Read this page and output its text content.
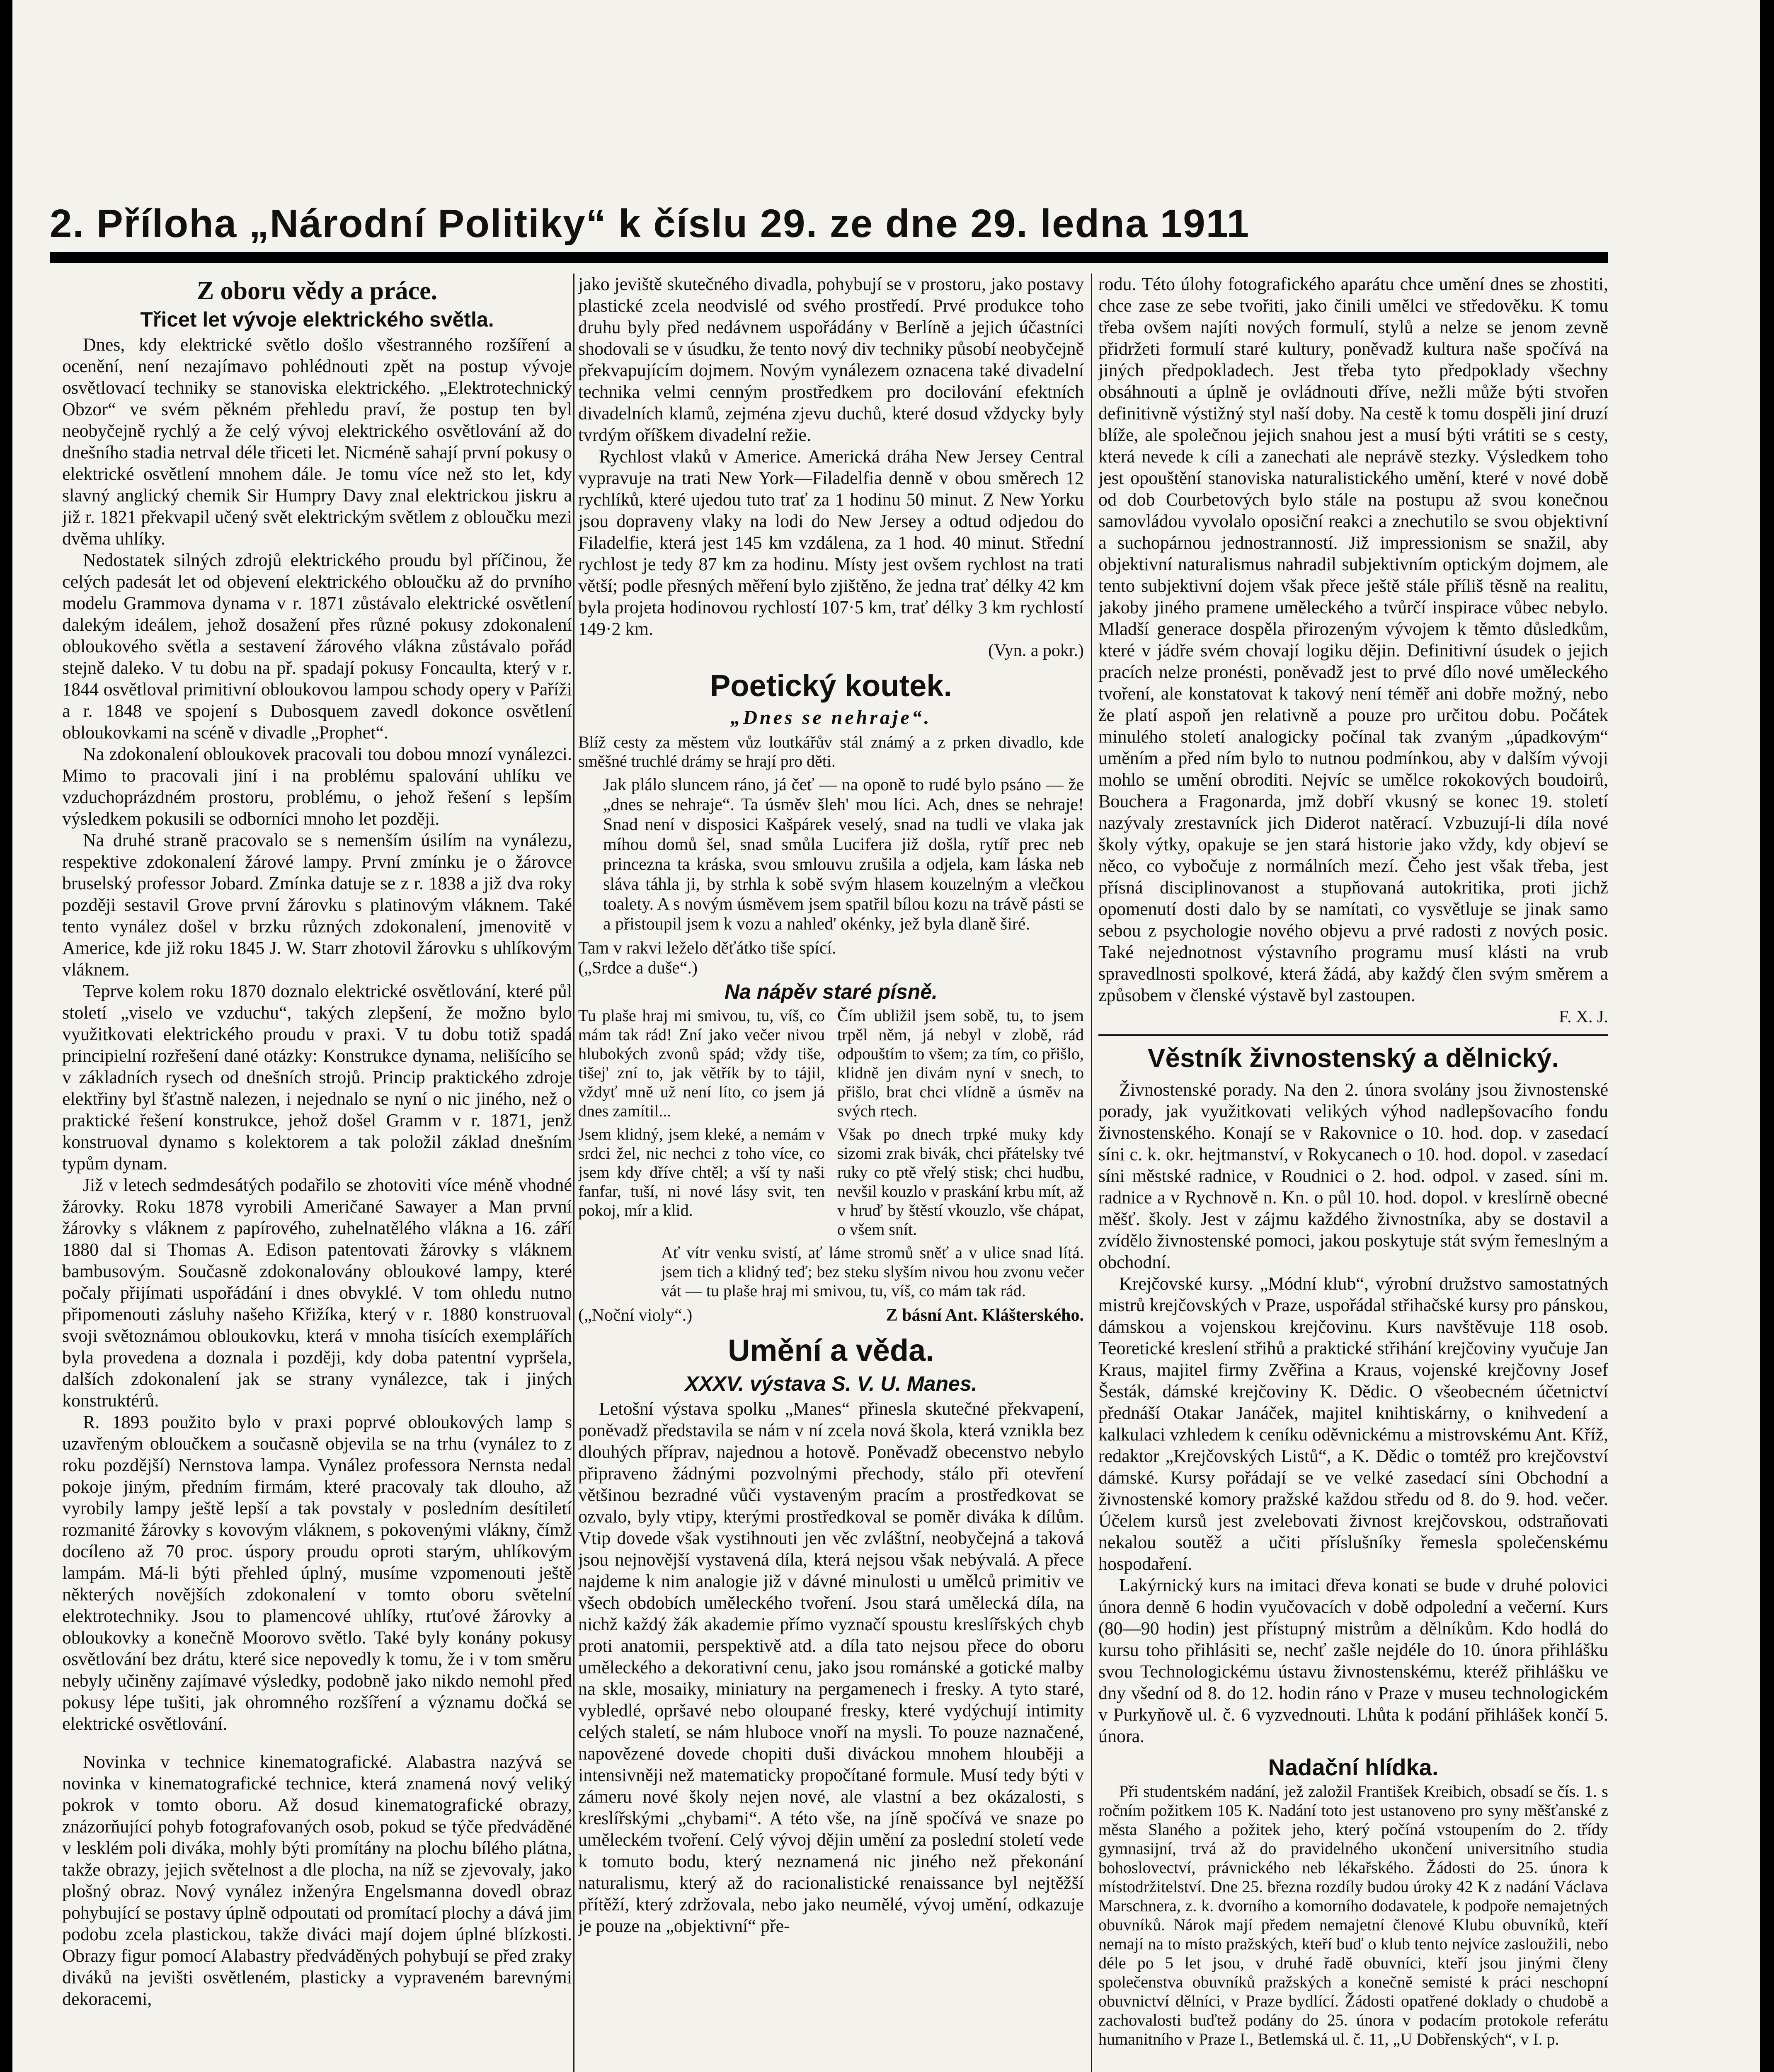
2. Příloha „Národní Politiky“ k číslu 29. ze dne 29. ledna 1911
Z oboru vědy a práce.
Třicet let vývoje elektrického světla.

Dnes, kdy elektrické světlo došlo všestranného rozšíření a ocenění, není nezajímavo pohlédnouti zpět na postup vývoje osvětlovací techniky se stanoviska elektrického. „Elektrotechnický Obzor“ ve svém pěkném přehledu praví, že postup ten byl neobyčejně rychlý a že celý vývoj elektrického osvětlování až do dnešního stadia netrval déle třiceti let. Nicméně sahají první pokusy o elektrické osvětlení mnohem dále. Je tomu více než sto let, kdy slavný anglický chemik Sir Humpry Davy znal elektrickou jiskru a již r. 1821 překvapil učený svět elektrickým světlem z obloučku mezi dvěma uhlíky.

Nedostatek silných zdrojů elektrického proudu byl příčinou, že celých padesát let od objevení elektrického obloučku až do prvního modelu Grammova dynama v r. 1871 zůstávalo elektrické osvětlení dalekým ideálem, jehož dosažení přes různé pokusy zdokonalení obloukového světla a sestavení žárového vlákna zůstávalo pořád stejně daleko. V tu dobu na př. spadají pokusy Foncaulta, který v r. 1844 osvětloval primitivní obloukovou lampou schody opery v Paříži a r. 1848 ve spojení s Dubosquem zavedl dokonce osvětlení obloukovkami na scéně v divadle „Prophet“.

Na zdokonalení obloukovek pracovali tou dobou mnozí vynálezci. Mimo to pracovali jiní i na problému spalování uhlíku ve vzduchoprázdném prostoru, problému, o jehož řešení s lepším výsledkem pokusili se odborníci mnoho let později.

Na druhé straně pracovalo se s nemenším úsilím na vynálezu, respektive zdokonalení žárové lampy. První zmínku je o žárovce bruselský professor Jobard. Zmínka datuje se z r. 1838 a již dva roky později sestavil Grove první žárovku s platinovým vláknem. Také tento vynález došel v brzku různých zdokonalení, jmenovitě v Americe, kde již roku 1845 J. W. Starr zhotovil žárovku s uhlíkovým vláknem.

Teprve kolem roku 1870 doznalo elektrické osvětlování, které půl století „viselo ve vzduchu“, takých zlepšení, že možno bylo využitkovati elektrického proudu v praxi. V tu dobu totiž spadá principielní rozřešení dané otázky: Konstrukce dynama, nelišícího se v základních rysech od dnešních strojů. Princip praktického zdroje elektřiny byl šťastně nalezen, i nejednalo se nyní o nic jiného, než o praktické řešení konstrukce, jehož došel Gramm v r. 1871, jenž konstruoval dynamo s kolektorem a tak položil základ dnešním typům dynam.

Již v letech sedmdesátých podařilo se zhotoviti více méně vhodné žárovky. Roku 1878 vyrobili Američané Sawayer a Man první žárovky s vláknem z papírového, zuhelnatělého vlákna a 16. září 1880 dal si Thomas A. Edison patentovati žárovky s vláknem bambusovým. Současně zdokonalovány obloukové lampy, které počaly přijímati uspořádání i dnes obvyklé. V tom ohledu nutno připomenouti zásluhy našeho Křižíka, který v r. 1880 konstruoval svoji světoznámou obloukovku, která v mnoha tisících exemplářích byla provedena a doznala i později, kdy doba patentní vypršela, dalších zdokonalení jak se strany vynálezce, tak i jiných konstruktérů.

R. 1893 použito bylo v praxi poprvé obloukových lamp s uzavřeným obloučkem a současně objevila se na trhu (vynález to z roku pozdější) Nernstova lampa. Vynález professora Nernsta nedal pokoje jiným, předním firmám, které pracovaly tak dlouho, až vyrobily lampy ještě lepší a tak povstaly v posledním desítiletí rozmanité žárovky s kovovým vláknem, s pokovenými vlákny, čímž docíleno až 70 proc. úspory proudu oproti starým, uhlíkovým lampám. Má-li býti přehled úplný, musíme vzpomenouti ještě některých novějších zdokonalení v tomto oboru světelní elektrotechniky. Jsou to plamencové uhlíky, rtuťové žárovky a obloukovky a konečně Moorovo světlo. Také byly konány pokusy osvětlování bez drátu, které sice nepovedly k tomu, že i v tom směru nebyly učiněny zajímavé výsledky, podobně jako nikdo nemohl před pokusy lépe tušiti, jak ohromného rozšíření a významu dočká se elektrické osvětlování.

Novinka v technice kinematografické. Alabastra nazývá se novinka v kinematografické technice, která znamená nový veliký pokrok v tomto oboru. Až dosud kinematografické obrazy, znázorňující pohyb fotografovaných osob, pokud se týče předváděné v lesklém poli diváka, mohly býti promítány na plochu bílého plátna, takže obrazy, jejich světelnost a dle plocha, na níž se zjevovaly, jako plošný obraz. Nový vynález inženýra Engelsmanna dovedl obraz pohybující se postavy úplně odpoutati od promítací plochy a dává jim podobu zcela plastickou, takže diváci mají dojem úplné blízkosti. Obrazy figur pomocí Alabastry předváděných pohybují se před zraky diváků na jevišti osvětleném, plasticky a vypraveném barevnými dekoracemi,

jako jeviště skutečného divadla, pohybují se v prostoru, jako postavy plastické zcela neodvislé od svého prostředí. Prvé produkce toho druhu byly před nedávnem uspořádány v Berlíně a jejich účastníci shodovali se v úsudku, že tento nový div techniky působí neobyčejně překvapujícím dojmem. Novým vynálezem oznacena také divadelní technika velmi cenným prostředkem pro docilování efektních divadelních klamů, zejména zjevu duchů, které dosud vždycky byly tvrdým oříškem divadelní režie.

Rychlost vlaků v Americe. Americká dráha New Jersey Central vypravuje na trati New York—Filadelfia denně v obou směrech 12 rychlíků, které ujedou tuto trať za 1 hodinu 50 minut. Z New Yorku jsou dopraveny vlaky na lodi do New Jersey a odtud odjedou do Filadelfie, která jest 145 km vzdálena, za 1 hod. 40 minut. Střední rychlost je tedy 87 km za hodinu. Místy jest ovšem rychlost na trati větší; podle přesných měření bylo zjištěno, že jedna trať délky 42 km byla projeta hodinovou rychlostí 107·5 km, trať délky 3 km rychlostí 149·2 km.

(Vyn. a pokr.)
Poetický koutek.
„Dnes se nehraje“.

Blíž cesty za městem vůz loutkářův stál známý a z prken divadlo, kde směšné truchlé drámy se hrají pro děti.

Jak plálo sluncem ráno, já čeť — na oponě to rudé bylo psáno — že „dnes se nehraje“. Ta úsměv šleh' mou líci. Ach, dnes se nehraje! Snad není v disposici Kašpárek veselý, snad na tudli ve vlaka jak míhou domů šel, snad smůla Lucifera již došla, rytíř prec neb princezna ta kráska, svou smlouvu zrušila a odjela, kam láska neb sláva táhla ji, by strhla k sobě svým hlasem kouzelným a vlečkou toalety. A s novým úsměvem jsem spatřil bílou kozu na trávě pásti se a přistoupil jsem k vozu a nahled' okénky, jež byla dlaně širé.

Tam v rakvi leželo děťátko tiše spící.

(„Srdce a duše“.)

Na nápěv staré písně.

Tu plaše hraj mi smivou, tu, víš, co mám tak rád! Zní jako večer nivou hlubokých zvonů spád; vždy tiše, tišej' zní to, jak větřík by to tájil, vždyť mně už není líto, co jsem já dnes zamítil...

Čím ubližil jsem sobě, tu, to jsem trpěl něm, já nebyl v zlobě, rád odpouštím to všem; za tím, co přišlo, klidně jen divám nyní v snech, to přišlo, brat chci vlídně a úsměv na svých rtech.

Jsem klidný, jsem kleké, a nemám v srdci žel, nic nechci z toho více, co jsem kdy dříve chtěl; a vší ty naši fanfar, tuší, ni nové lásy svit, ten pokoj, mír a klid.

Však po dnech trpké muky kdy sizomi zrak bivák, chci přátelsky tvé ruky co ptě vřelý stisk; chci hudbu, nevšil kouzlo v praskání krbu mít, až v hruď by štěstí vkouzlo, vše chápat, o všem snít.

Ať vítr venku svistí, ať láme stromů sněť a v ulice snad lítá. jsem tich a klidný teď; bez steku slyším nivou hou zvonu večer vát — tu plaše hraj mi smivou, tu, víš, co mám tak rád.

(„Noční violy“.)	Z básní Ant. Klášterského.
Umění a věda.
XXXV. výstava S. V. U. Manes.

Letošní výstava spolku „Manes“ přinesla skutečné překvapení, poněvadž představila se nám v ní zcela nová škola, která vznikla bez dlouhých příprav, najednou a hotově. Poněvadž obecenstvo nebylo připraveno žádnými pozvolnými přechody, stálo při otevření většinou bezradné vůči vystaveným pracím a prostředkovat se ozvalo, byly vtipy, kterými prostředkoval se poměr diváka k dílům. Vtip dovede však vystihnouti jen věc zvláštní, neobyčejná a taková jsou nejnovější vystavená díla, která nejsou však nebývalá. A přece najdeme k nim analogie již v dávné minulosti u umělců primitiv ve všech obdobích uměleckého tvoření. Jsou stará umělecká díla, na nichž každý žák akademie přímo vyznačí spoustu kreslířských chyb proti anatomii, perspektivě atd. a díla tato nejsou přece do oboru uměleckého a dekorativní cenu, jako jsou románské a gotické malby na skle, mosaiky, miniatury na pergamenech i fresky. A tyto staré, vybledlé, opršavé nebo oloupané fresky, které vydýchují intimity celých staletí, se nám hluboce vnoří na mysli. To pouze naznačené, napovězené dovede chopiti duši diváckou mnohem hlouběji a intensivněji než matematicky propočítané formule. Musí tedy býti v zámeru nové školy nejen nové, ale vlastní a bez okázalosti, s kreslířskými „chybami“. A této vše, na jíně spočívá ve snaze po uměleckém tvoření. Celý vývoj dějin umění za poslední století vede k tomuto bodu, který neznamená nic jiného než překonání naturalismu, který až do racionalistické renaissance byl nejtěžší přítěží, který zdržovala, nebo jako neumělé, vývoj umění, odkazuje je pouze na „objektivní“ pře-

rodu. Této úlohy fotografického aparátu chce umění dnes se zhostiti, chce zase ze sebe tvořiti, jako činili umělci ve středověku. K tomu třeba ovšem najíti nových formulí, stylů a nelze se jenom zevně přidržeti formulí staré kultury, poněvadž kultura naše spočívá na jiných předpokladech. Jest třeba tyto předpoklady všechny obsáhnouti a úplně je ovládnouti dříve, nežli může býti stvořen definitivně výstižný styl naší doby. Na cestě k tomu dospěli jiní druzí blíže, ale společnou jejich snahou jest a musí býti vrátiti se s cesty, která nevede k cíli a zanechati ale neprávě stezky. Výsledkem toho jest opouštění stanoviska naturalistického umění, které v nové době od dob Courbetových bylo stále na postupu až svou konečnou samovládou vyvolalo oposiční reakci a znechutilo se svou objektivní a suchopárnou jednostranností. Již impressionism se snažil, aby objektivní naturalismus nahradil subjektivním optickým dojmem, ale tento subjektivní dojem však přece ještě stále příliš těsně na realitu, jakoby jiného pramene uměleckého a tvůrčí inspirace vůbec nebylo. Mladší generace dospěla přirozeným vývojem k těmto důsledkům, které v jádře svém chovají logiku dějin. Definitivní úsudek o jejich pracích nelze pronésti, poněvadž jest to prvé dílo nové uměleckého tvoření, ale konstatovat k takový není téměř ani dobře možný, nebo že platí aspoň jen relativně a pouze pro určitou dobu. Počátek minulého století analogicky počínal tak zvaným „úpadkovým“ uměním a před ním bylo to nutnou podmínkou, aby v dalším vývoji mohlo se umění obroditi. Nejvíc se umělce rokokových boudoirů, Bouchera a Fragonarda, jmž dobří vkusný se konec 19. století nazývaly zrestavníck jich Diderot natěrací. Vzbuzují-li díla nové školy výtky, opakuje se jen stará historie jako vždy, kdy objeví se něco, co vybočuje z normálních mezí. Čeho jest však třeba, jest přísná disciplinovanost a stupňovaná autokritika, proti jichž opomenutí dosti dalo by se namítati, co vysvětluje se jinak samo sebou z psychologie nového objevu a prvé radosti z nových posic. Také nejednotnost výstavního programu musí klásti na vrub spravedlnosti spolkové, která žádá, aby každý člen svým směrem a způsobem v členské výstavě byl zastoupen.

F. X. J.
Věstník živnostenský a dělnický.

Živnostenské porady. Na den 2. února svolány jsou živnostenské porady, jak využitkovati velikých výhod nadlepšovacího fondu živnostenského. Konají se v Rakovnice o 10. hod. dop. v zasedací síni c. k. okr. hejtmanství, v Rokycanech o 10. hod. dopol. v zasedací síni městské radnice, v Roudnici o 2. hod. odpol. v zased. síni m. radnice a v Rychnově n. Kn. o půl 10. hod. dopol. v kreslírně obecné měšť. školy. Jest v zájmu každého živnostníka, aby se dostavil a zvídělo živnostenské pomoci, jakou poskytuje stát svým řemeslným a obchodní.

Krejčovské kursy. „Módní klub“, výrobní družstvo samostatných mistrů krejčovských v Praze, uspořádal střihačské kursy pro pánskou, dámskou a vojenskou krejčovinu. Kurs navštěvuje 118 osob. Teoretické kreslení střihů a praktické střihání krejčoviny vyučuje Jan Kraus, majitel firmy Zvěřina a Kraus, vojenské krejčovny Josef Šesták, dámské krejčoviny K. Dědic. O všeobecném účetnictví přednáší Otakar Janáček, majitel knihtiskárny, o knihvedení a kalkulaci vzhledem k ceníku oděvnickému a mistrovskému Ant. Kříž, redaktor „Krejčovských Listů“, a K. Dědic o tomtéž pro krejčovství dámské. Kursy pořádají se ve velké zasedací síni Obchodní a živnostenské komory pražské každou středu od 8. do 9. hod. večer. Účelem kursů jest zvelebovati živnost krejčovskou, odstraňovati nekalou soutěž a učiti příslušníky řemesla společenskému hospodaření.

Lakýrnický kurs na imitaci dřeva konati se bude v druhé polovici února denně 6 hodin vyučovacích v době odpolední a večerní. Kurs (80—90 hodin) jest přístupný mistrům a dělníkům. Kdo hodlá do kursu toho přihlásiti se, nechť zašle nejdéle do 10. února přihlášku svou Technologickému ústavu živnostenskému, kteréž přihlášku ve dny všední od 8. do 12. hodin ráno v Praze v museu technologickém v Purkyňově ul. č. 6 vyzvednouti. Lhůta k podání přihlášek končí 5. února.

Nadační hlídka.

Při studentském nadání, jež založil František Kreibich, obsadí se čís. 1. s ročním požitkem 105 K. Nadání toto jest ustanoveno pro syny měšťanské z města Slaného a požitek jeho, který počíná vstoupením do 2. třídy gymnasijní, trvá až do pravidelného ukončení universitního studia bohoslovectví, právnického neb lékařského. Žádosti do 25. února k místodržitelství. Dne 25. března rozdíly budou úroky 42 K z nadání Václava Marschnera, z. k. dvorního a komorního dodavatele, k podpoře nemajetných obuvníků. Nárok mají předem nemajetní členové Klubu obuvníků, kteří nemají na to místo pražských, kteří buď o klub tento nejvíce zasloužili, nebo déle po 5 let jsou, v druhé řadě obuvníci, kteří jsou jinými členy společenstva obuvníků pražských a konečně semisté k práci neschopní obuvnictví dělníci, v Praze bydlící. Žádosti opatřené doklady o chudobě a zachovalosti buďtež podány do 25. února v podacím protokole referátu humanitního v Praze I., Betlemská ul. č. 11, „U Dobřenských“, v I. p.
